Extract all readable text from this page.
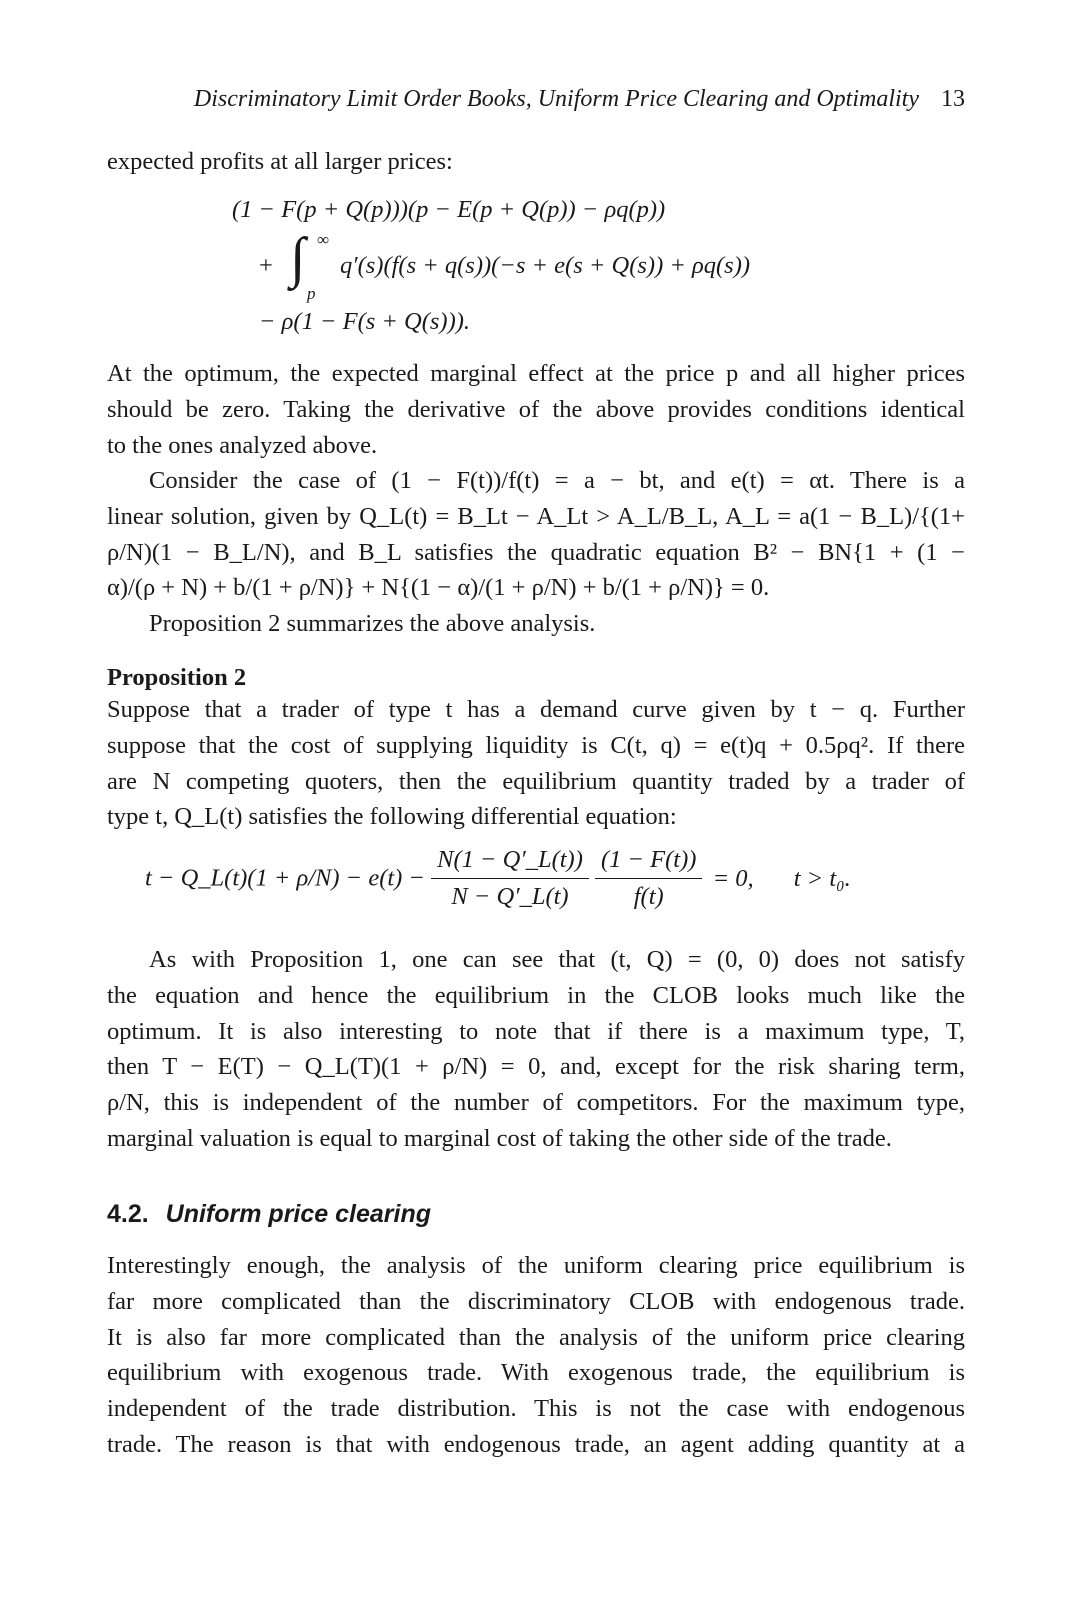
Discriminatory Limit Order Books, Uniform Price Clearing and Optimality 13

expected profits at all larger prices:

(1 − F(p + Q(p)))(p − E(p + Q(p)) − ρq(p))
+ ∫ ∞
p
q′(s)(f(s + q(s))(−s + e(s + Q(s)) + ρq(s))
− ρ(1 − F(s + Q(s))).

At the optimum, the expected marginal effect at the price p and all higher prices
should be zero. Taking the derivative of the above provides conditions identical
to the ones analyzed above.

Consider the case of (1 − F(t))/f(t) = a − bt, and e(t) = αt. There is a
linear solution, given by Q_L(t) = B_Lt − A_Lt > A_L/B_L, A_L = a(1 − B_L)/{(1+
ρ/N)(1 − B_L/N), and B_L satisfies the quadratic equation B² − BN{1 + (1 −
α)/(ρ + N) + b/(1 + ρ/N)} + N{(1 − α)/(1 + ρ/N) + b/(1 + ρ/N)} = 0.

Proposition 2 summarizes the above analysis.

Proposition 2

Suppose that a trader of type t has a demand curve given by t − q. Further
suppose that the cost of supplying liquidity is C(t, q) = e(t)q + 0.5ρq². If there
are N competing quoters, then the equilibrium quantity traded by a trader of
type t, Q_L(t) satisfies the following differential equation:

t − Q_L(t)(1 + $\rho/N) - e(t) - \frac{N(1 - Q'\_L(t))}{N - Q'\_L(t)}$
$\frac{(1 - F(t))}{f(t)} = 0$, t > t₀.

As with Proposition 1, one can see that (t, Q) = (0, 0) does not satisfy
the equation and hence the equilibrium in the CLOB looks much like the
optimum. It is also interesting to note that if there is a maximum type, T,
then T − E(T) − Q_L(T)(1 + ρ/N) = 0, and, except for the risk sharing term,
ρ/N, this is independent of the number of competitors. For the maximum type,
marginal valuation is equal to marginal cost of taking the other side of the trade.

4.2. Uniform price clearing

Interestingly enough, the analysis of the uniform clearing price equilibrium is
far more complicated than the discriminatory CLOB with endogenous trade.
It is also far more complicated than the analysis of the uniform price clearing
equilibrium with exogenous trade. With exogenous trade, the equilibrium is
independent of the trade distribution. This is not the case with endogenous
trade. The reason is that with endogenous trade, an agent adding quantity at a
